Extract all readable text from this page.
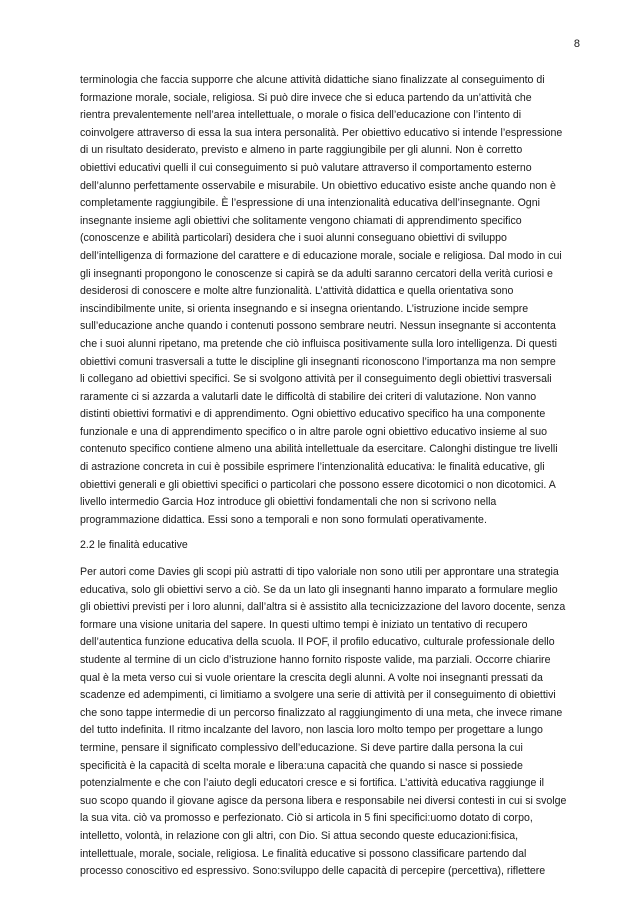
8
terminologia che faccia supporre che alcune attività didattiche siano finalizzate al conseguimento di
formazione morale, sociale, religiosa. Si può dire invece che si educa partendo da un’attività che
rientra prevalentemente nell’area intellettuale, o morale o fisica dell’educazione con l’intento di
coinvolgere attraverso di essa la sua intera personalità. Per obiettivo educativo si intende l’espressione
di un risultato desiderato, previsto e almeno in parte raggiungibile per gli alunni. Non è corretto
obiettivi educativi quelli il cui conseguimento si può valutare attraverso il comportamento esterno
dell’alunno perfettamente osservabile e misurabile. Un obiettivo educativo esiste anche quando non è
completamente raggiungibile. È l’espressione di una intenzionalità educativa dell’insegnante. Ogni
insegnante insieme agli obiettivi che solitamente vengono chiamati di apprendimento specifico
(conoscenze e abilità particolari) desidera che i suoi alunni conseguano obiettivi di sviluppo
dell’intelligenza di formazione del carattere e di educazione morale, sociale e religiosa. Dal modo in cui
gli insegnanti propongono le conoscenze si capirà se da adulti saranno cercatori della verità curiosi e
desiderosi di conoscere e molte altre funzionalità. L’attività didattica e quella orientativa sono
inscindibilmente unite, si orienta insegnando e si insegna orientando. L’istruzione incide sempre
sull’educazione anche quando i contenuti possono sembrare neutri. Nessun insegnante si accontenta
che i suoi alunni ripetano, ma pretende che ciò influisca positivamente sulla loro intelligenza. Di questi
obiettivi comuni trasversali a tutte le discipline gli insegnanti riconoscono l’importanza ma non sempre
li collegano ad obiettivi specifici. Se si svolgono attività per il conseguimento degli obiettivi trasversali
raramente ci si azzarda a valutarli date le difficoltà di stabilire dei criteri di valutazione. Non vanno
distinti obiettivi formativi e di apprendimento. Ogni obiettivo educativo specifico ha una componente
funzionale e una di apprendimento specifico o in altre parole ogni obiettivo educativo insieme al suo
contenuto specifico contiene almeno una abilità intellettuale da esercitare. Calonghi distingue tre livelli
di astrazione concreta in cui è possibile esprimere l’intenzionalità educativa: le finalità educative, gli
obiettivi generali e gli obiettivi specifici o particolari che possono essere dicotomici o non dicotomici. A
livello intermedio Garcia Hoz introduce gli obiettivi fondamentali che non si scrivono nella
programmazione didattica. Essi sono a temporali e non sono formulati operativamente.
2.2 le finalità educative
Per autori come Davies gli scopi più astratti di tipo valoriale non sono utili per approntare una strategia
educativa, solo gli obiettivi servo a ciò. Se da un lato gli insegnanti hanno imparato a formulare meglio
gli obiettivi previsti per i loro alunni, dall’altra si è assistito alla tecnicizzazione del lavoro docente, senza
formare una visione unitaria del sapere. In questi ultimo tempi è iniziato un tentativo di recupero
dell’autentica funzione educativa della scuola. Il POF, il profilo educativo, culturale professionale dello
studente al termine di un ciclo d’istruzione hanno fornito risposte valide, ma parziali. Occorre chiarire
qual è la meta verso cui si vuole orientare la crescita degli alunni. A volte noi insegnanti pressati da
scadenze ed adempimenti, ci limitiamo a svolgere una serie di attività per il conseguimento di obiettivi
che sono tappe intermedie di un percorso finalizzato al raggiungimento di una meta, che invece rimane
del tutto indefinita. Il ritmo incalzante del lavoro, non lascia loro molto tempo per progettare a lungo
termine, pensare il significato complessivo dell’educazione. Si deve partire dalla persona la cui
specificità è la capacità di scelta morale e libera:una capacità che quando si nasce si possiede
potenzialmente e che con l’aiuto degli educatori cresce e si fortifica. L’attività educativa raggiunge il
suo scopo quando il giovane agisce da persona libera e responsabile nei diversi contesti in cui si svolge
la sua vita. ciò va promosso e perfezionato. Ciò si articola in 5 fini specifici:uomo dotato di corpo,
intelletto, volontà, in relazione con gli altri, con Dio. Si attua secondo queste educazioni:fisica,
intellettuale, morale, sociale, religiosa. Le finalità educative si possono classificare partendo dal
processo conoscitivo ed espressivo. Sono:sviluppo delle capacità di percepire (percettiva), riflettere
